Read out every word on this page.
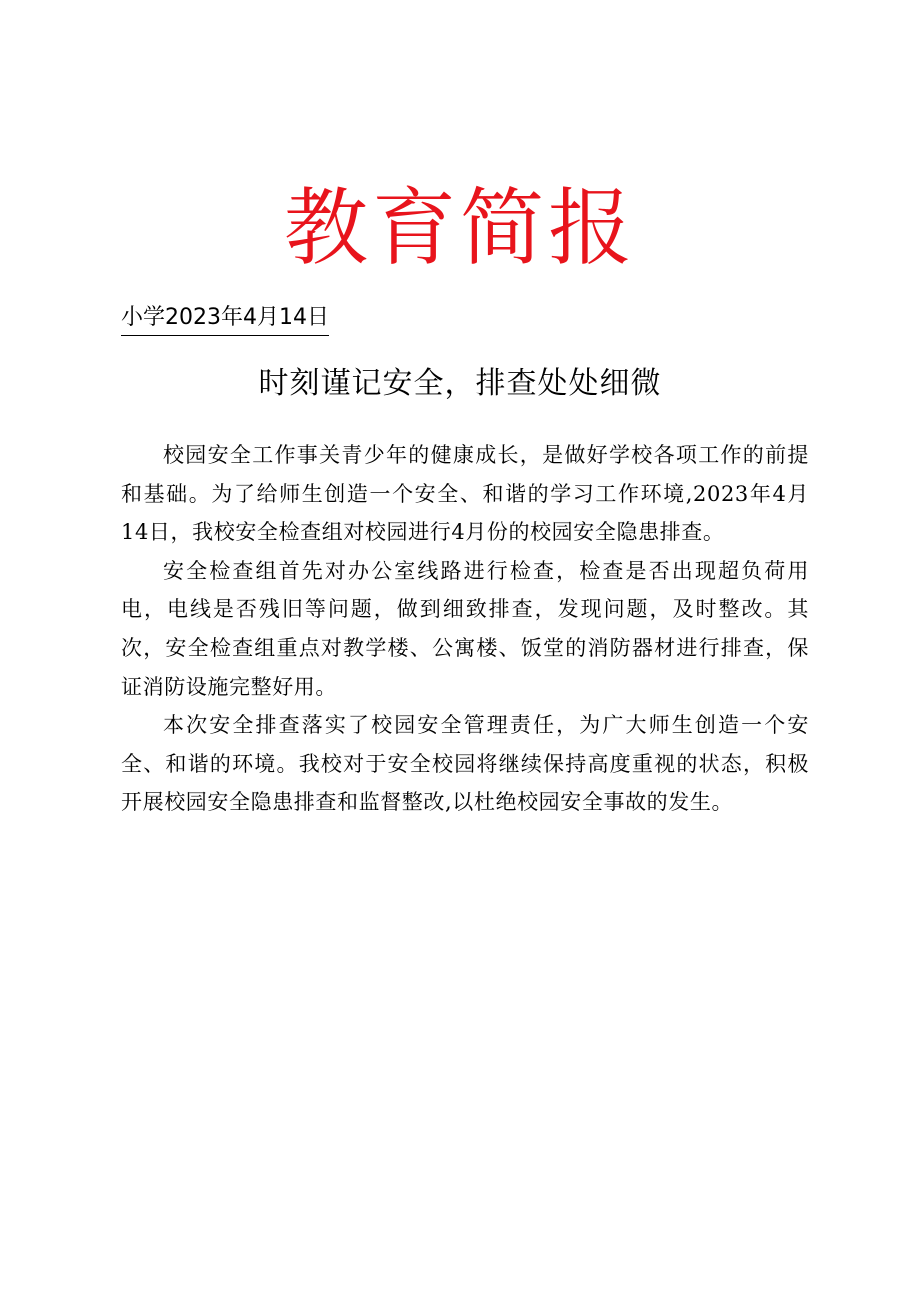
教育简报
小学2023年4月14日
时刻谨记安全，排查处处细微

校园安全工作事关青少年的健康成长，是做好学校各项工作的前提和基础。为了给师生创造一个安全、和谐的学习工作环境,2023年4月14日，我校安全检查组对校园进行4月份的校园安全隐患排查。

安全检查组首先对办公室线路进行检查，检查是否出现超负荷用电，电线是否残旧等问题，做到细致排查，发现问题，及时整改。其次，安全检查组重点对教学楼、公寓楼、饭堂的消防器材进行排查，保证消防设施完整好用。

本次安全排查落实了校园安全管理责任，为广大师生创造一个安全、和谐的环境。我校对于安全校园将继续保持高度重视的状态，积极开展校园安全隐患排查和监督整改,以杜绝校园安全事故的发生。
